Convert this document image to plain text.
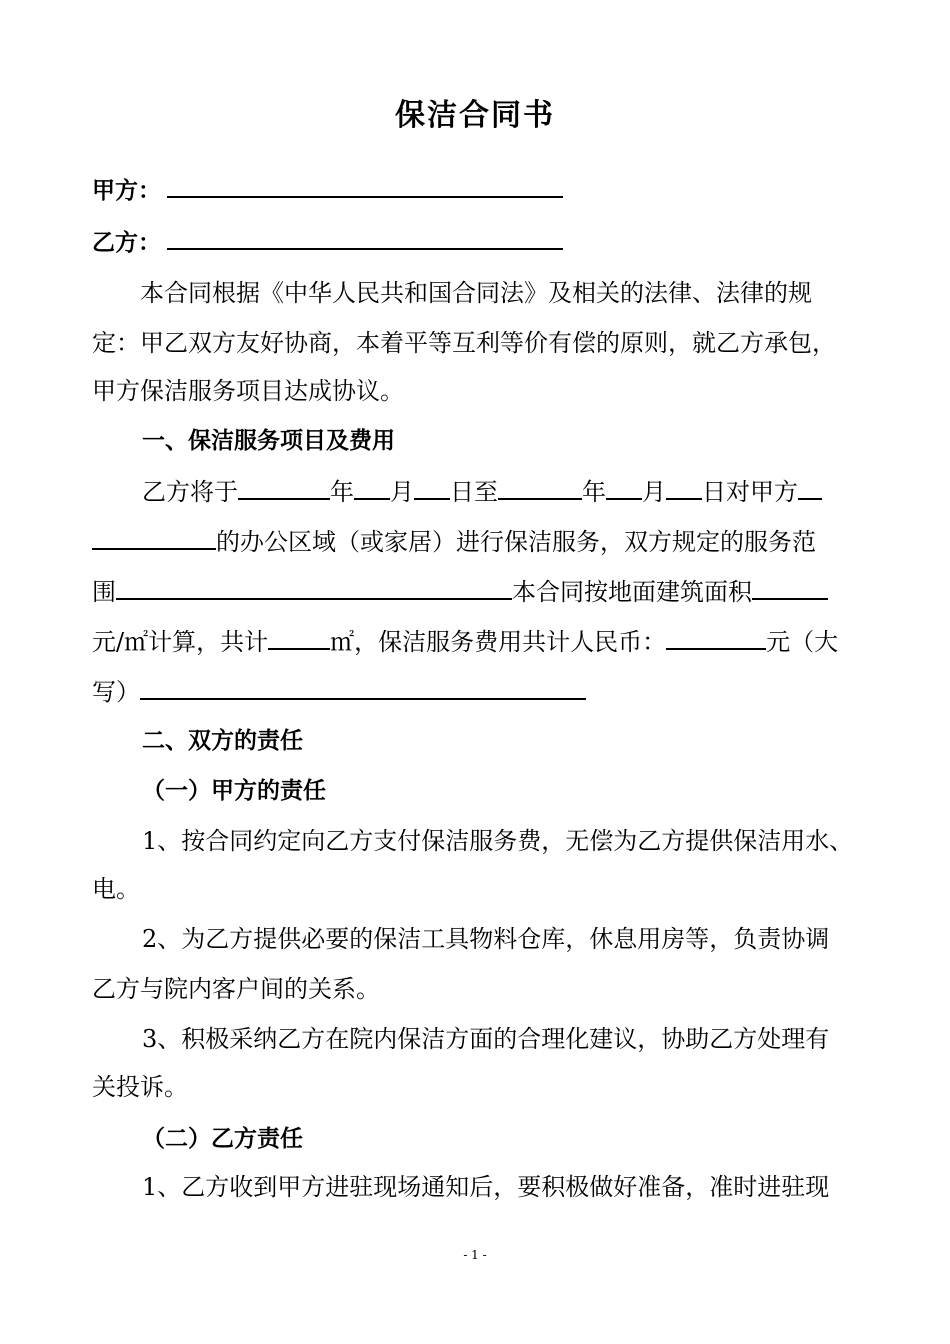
保洁合同书
甲方：
乙方：
本合同根据《中华人民共和国合同法》及相关的法律、法律的规
定：甲乙双方友好协商，本着平等互利等价有偿的原则，就乙方承包，
甲方保洁服务项目达成协议。
一、保洁服务项目及费用
乙方将于	年 月 日至	年 月 日对甲方
的办公区域（或家居）进行保洁服务，双方规定的服务范
围	本合同按地面建筑面积
元/㎡计算，共计	㎡，保洁服务费用共计人民币：	元（大
写）
二、双方的责任
（一）甲方的责任
1、按合同约定向乙方支付保洁服务费，无偿为乙方提供保洁用水、
电。
2、为乙方提供必要的保洁工具物料仓库，休息用房等，负责协调
乙方与院内客户间的关系。
3、积极采纳乙方在院内保洁方面的合理化建议，协助乙方处理有
关投诉。
（二）乙方责任
1、乙方收到甲方进驻现场通知后，要积极做好准备，准时进驻现
- 1 -
